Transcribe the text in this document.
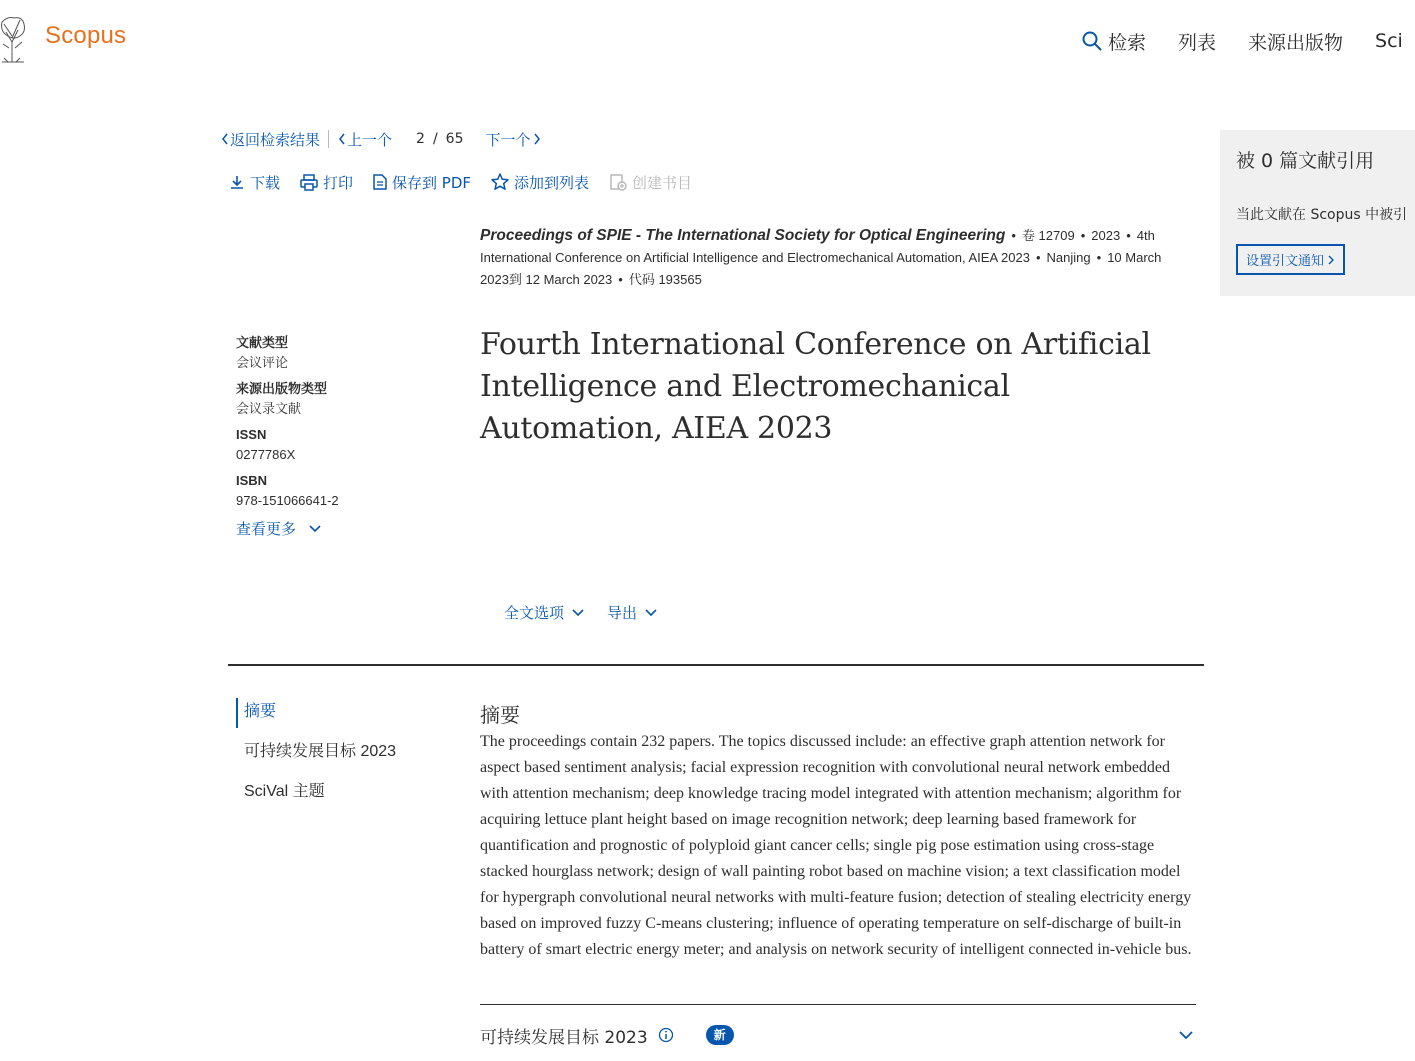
Scopus	检索 列表 来源出版物 Sci
返回检索结果 上一个 2 / 65 下一个
下载	打印	保存到 PDF	添加到列表	创建书目
Proceedings of SPIE - The International Society for Optical Engineering • 卷 12709 • 2023 • 4th International Conference on Artificial Intelligence and Electromechanical Automation, AIEA 2023 • Nanjing • 10 March 2023到 12 March 2023 • 代码 193565
文献类型
会议评论
来源出版物类型
会议录文献
ISSN
0277786X
ISBN
978-151066641-2
查看更多
Fourth International Conference on Artificial Intelligence and Electromechanical Automation, AIEA 2023
全文选项	导出
摘要
可持续发展目标 2023
SciVal 主题
摘要

The proceedings contain 232 papers. The topics discussed include: an effective graph attention network for aspect based sentiment analysis; facial expression recognition with convolutional neural network embedded with attention mechanism; deep knowledge tracing model integrated with attention mechanism; algorithm for acquiring lettuce plant height based on image recognition network; deep learning based framework for quantification and prognostic of polyploid giant cancer cells; single pig pose estimation using cross-stage stacked hourglass network; design of wall painting robot based on machine vision; a text classification model for hypergraph convolutional neural networks with multi-feature fusion; detection of stealing electricity energy based on improved fuzzy C-means clustering; influence of operating temperature on self-discharge of built-in battery of smart electric energy meter; and analysis on network security of intelligent connected in-vehicle bus.

可持续发展目标 2023	新
被 0 篇文献引用
当此文献在 Scopus 中被引
设置引文通知
